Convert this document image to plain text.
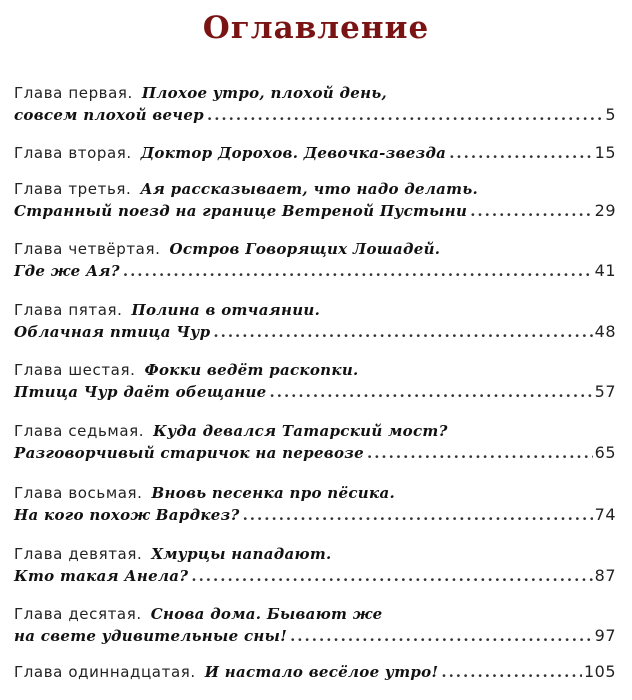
Оглавление
Глава первая. Плохое утро, плохой день,
совсем плохой вечер .....	5
Глава вторая. Доктор Дорохов. Девочка-звезда .....	15
Глава третья. Ая рассказывает, что надо делать.
Странный поезд на границе Ветреной Пустыни .....	29
Глава четвёртая. Остров Говорящих Лошадей.
Где же Ая? .....	41
Глава пятая. Полина в отчаянии.
Облачная птица Чур .....	48
Глава шестая. Фокки ведёт раскопки.
Птица Чур даёт обещание .....	57
Глава седьмая. Куда девался Татарский мост?
Разговорчивый старичок на перевозе .....	65
Глава восьмая. Вновь песенка про пёсика.
На кого похож Вардкез? .....	74
Глава девятая. Хмурцы нападают.
Кто такая Анела? .....	87
Глава десятая. Снова дома. Бывают же
на свете удивительные сны! .....	97
Глава одиннадцатая. И настало весёлое утро! .....	105
